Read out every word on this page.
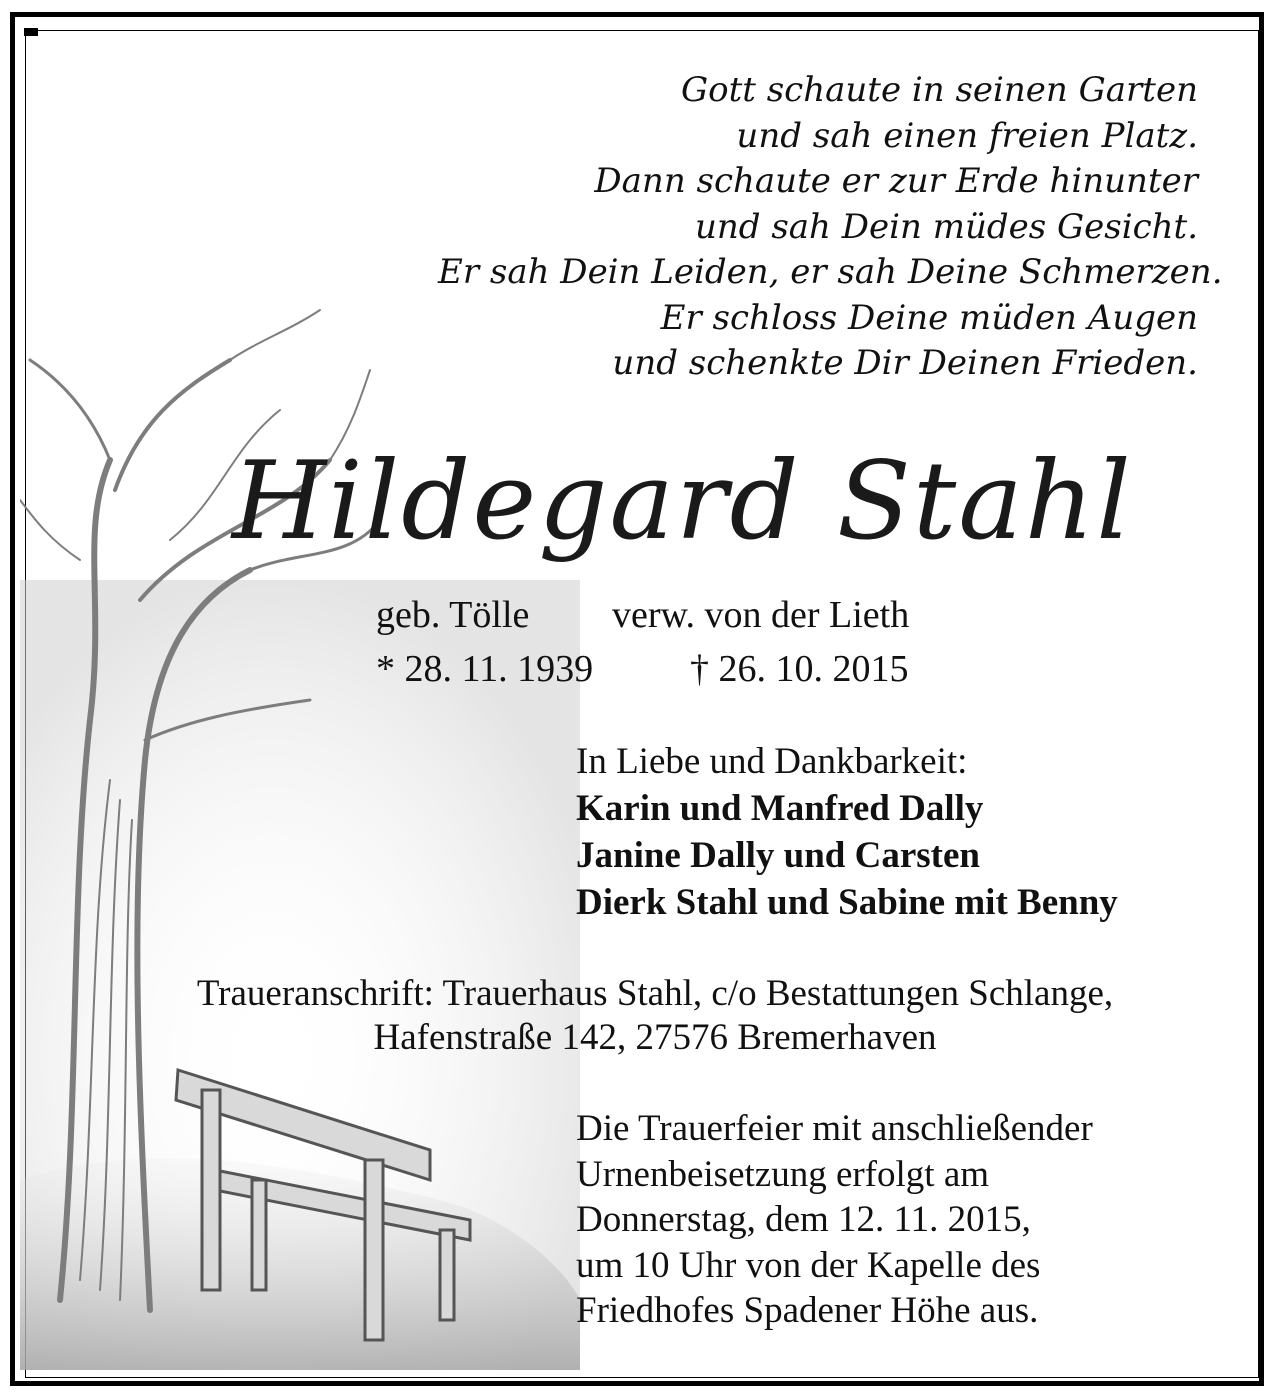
Gott schaute in seinen Garten
und sah einen freien Platz.
Dann schaute er zur Erde hinunter
und sah Dein müdes Gesicht.
Er sah Dein Leiden, er sah Deine Schmerzen.
Er schloss Deine müden Augen
und schenkte Dir Deinen Frieden.
Hildegard Stahl
geb. Tölle verw. von der Lieth
* 28. 11. 1939	† 26. 10. 2015
In Liebe und Dankbarkeit:
Karin und Manfred Dally
Janine Dally und Carsten
Dierk Stahl und Sabine mit Benny
Traueranschrift: Trauerhaus Stahl, c/o Bestattungen Schlange,
Hafenstraße 142, 27576 Bremerhaven
Die Trauerfeier mit anschließender
Urnenbeisetzung erfolgt am
Donnerstag, dem 12. 11. 2015,
um 10 Uhr von der Kapelle des
Friedhofes Spadener Höhe aus.
